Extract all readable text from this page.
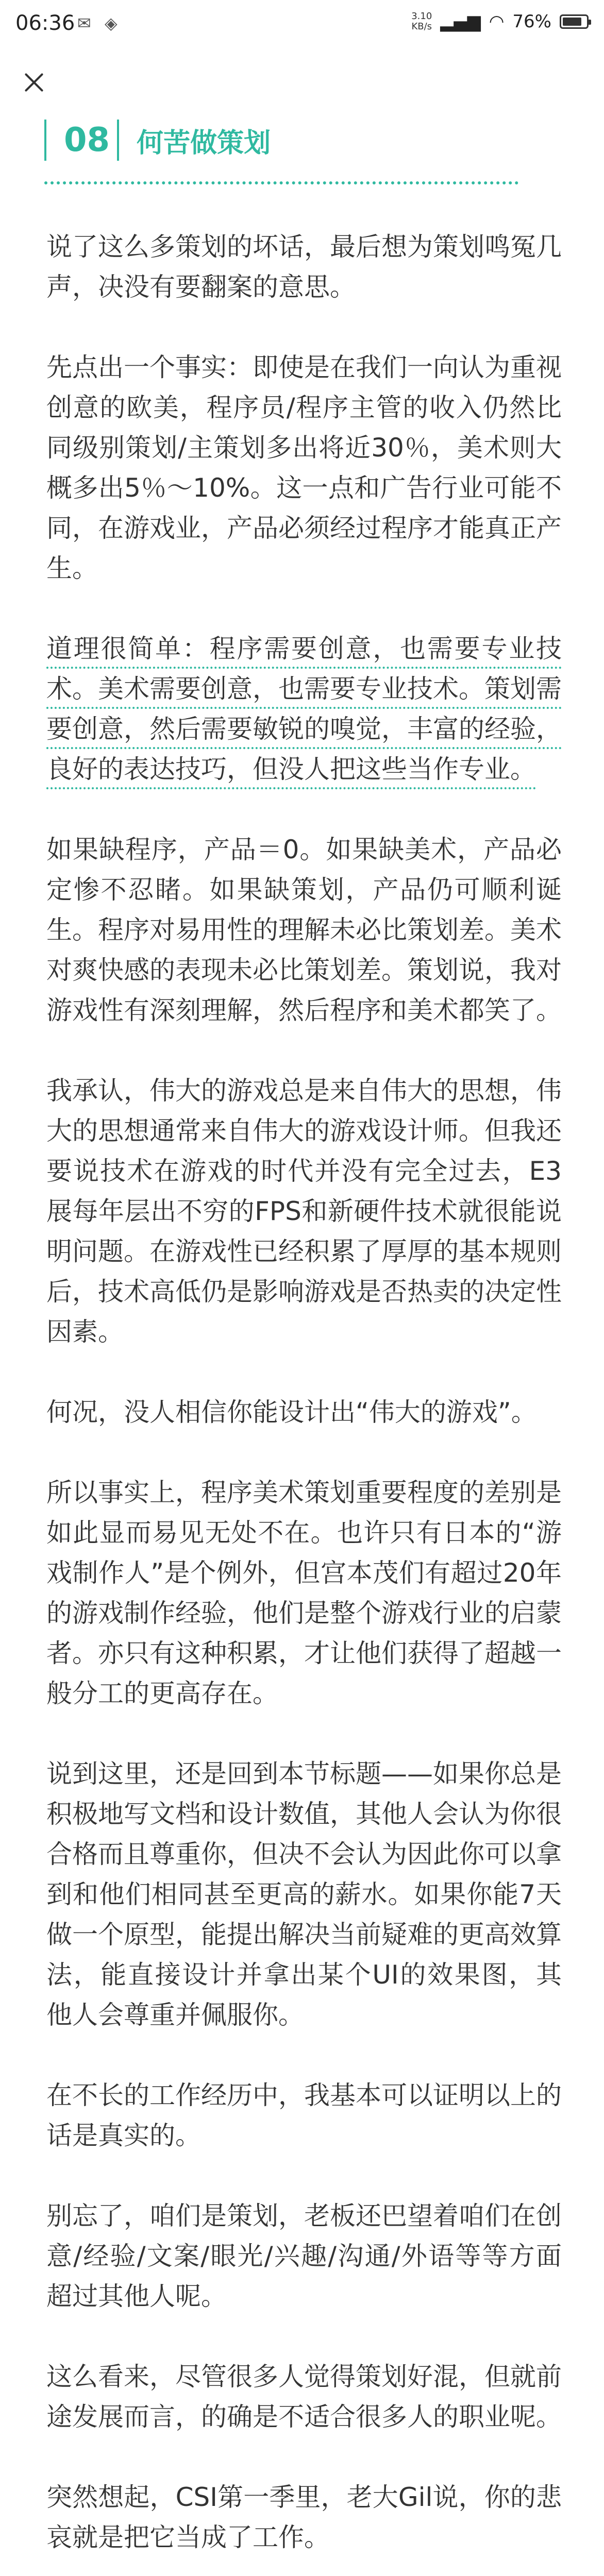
06:36 ✉ ◈	3.10
KB/s ▂▄▆ ◠ 76%
08 何苦做策划

说了这么多策划的坏话，最后想为策划鸣冤几声，决没有要翻案的意思。

先点出一个事实：即使是在我们一向认为重视创意的欧美，程序员/程序主管的收入仍然比同级别策划/主策划多出将近30％，美术则大概多出5％～10%。这一点和广告行业可能不同，在游戏业，产品必须经过程序才能真正产生。

道理很简单：程序需要创意，也需要专业技术。美术需要创意，也需要专业技术。策划需要创意，然后需要敏锐的嗅觉，丰富的经验，良好的表达技巧，但没人把这些当作专业。

如果缺程序，产品＝0。如果缺美术，产品必定惨不忍睹。如果缺策划，产品仍可顺利诞生。程序对易用性的理解未必比策划差。美术对爽快感的表现未必比策划差。策划说，我对游戏性有深刻理解，然后程序和美术都笑了。

我承认，伟大的游戏总是来自伟大的思想，伟大的思想通常来自伟大的游戏设计师。但我还要说技术在游戏的时代并没有完全过去，E3展每年层出不穷的FPS和新硬件技术就很能说明问题。在游戏性已经积累了厚厚的基本规则后，技术高低仍是影响游戏是否热卖的决定性因素。

何况，没人相信你能设计出“伟大的游戏”。

所以事实上，程序美术策划重要程度的差别是如此显而易见无处不在。也许只有日本的“游戏制作人”是个例外，但宫本茂们有超过20年的游戏制作经验，他们是整个游戏行业的启蒙者。亦只有这种积累，才让他们获得了超越一般分工的更高存在。

说到这里，还是回到本节标题——如果你总是积极地写文档和设计数值，其他人会认为你很合格而且尊重你，但决不会认为因此你可以拿到和他们相同甚至更高的薪水。如果你能7天做一个原型，能提出解决当前疑难的更高效算法，能直接设计并拿出某个UI的效果图，其他人会尊重并佩服你。

在不长的工作经历中，我基本可以证明以上的话是真实的。

别忘了，咱们是策划，老板还巴望着咱们在创意/经验/文案/眼光/兴趣/沟通/外语等等方面超过其他人呢。

这么看来，尽管很多人觉得策划好混，但就前途发展而言，的确是不适合很多人的职业呢。

突然想起，CSI第一季里，老大Gil说，你的悲哀就是把它当成了工作。
